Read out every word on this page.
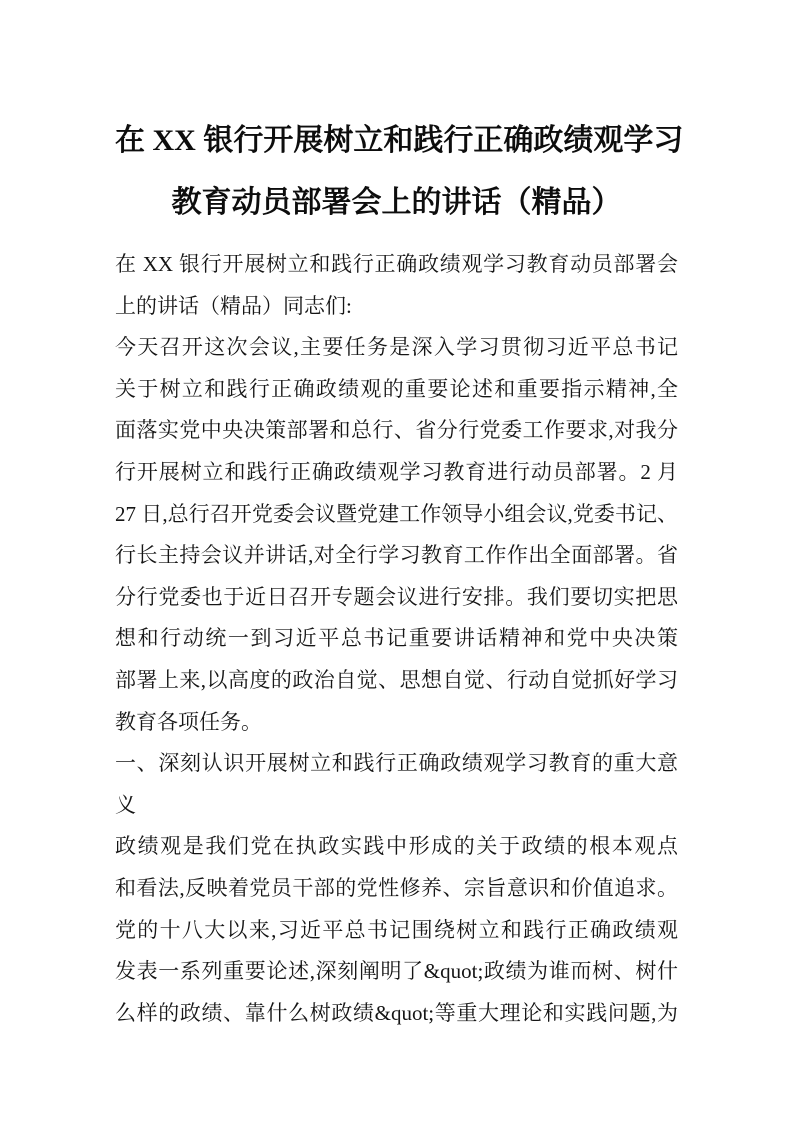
在 XX 银行开展树立和践行正确政绩观学习
教育动员部署会上的讲话（精品）
在 XX 银行开展树立和践行正确政绩观学习教育动员部署会
上的讲话（精品）同志们:
今天召开这次会议,主要任务是深入学习贯彻习近平总书记
关于树立和践行正确政绩观的重要论述和重要指示精神,全
面落实党中央决策部署和总行、省分行党委工作要求,对我分
行开展树立和践行正确政绩观学习教育进行动员部署。2 月
27 日,总行召开党委会议暨党建工作领导小组会议,党委书记、
行长主持会议并讲话,对全行学习教育工作作出全面部署。省
分行党委也于近日召开专题会议进行安排。我们要切实把思
想和行动统一到习近平总书记重要讲话精神和党中央决策
部署上来,以高度的政治自觉、思想自觉、行动自觉抓好学习
教育各项任务。
一、深刻认识开展树立和践行正确政绩观学习教育的重大意
义
政绩观是我们党在执政实践中形成的关于政绩的根本观点
和看法,反映着党员干部的党性修养、宗旨意识和价值追求。
党的十八大以来,习近平总书记围绕树立和践行正确政绩观
发表一系列重要论述,深刻阐明了&quot;政绩为谁而树、树什
么样的政绩、靠什么树政绩&quot;等重大理论和实践问题,为
